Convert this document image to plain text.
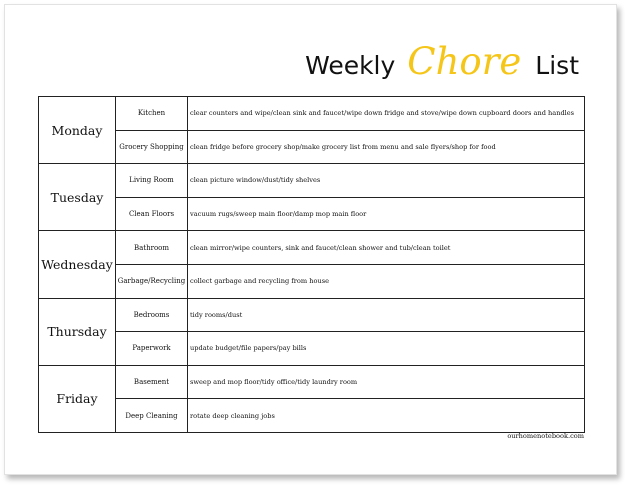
Weekly Chore List
Monday	Kitchen	clear counters and wipe/clean sink and faucet/wipe down fridge and stove/wipe down cupboard doors and handles
	Grocery Shopping	clean fridge before grocery shop/make grocery list from menu and sale flyers/shop for food
Tuesday	Living Room	clean picture window/dust/tidy shelves
	Clean Floors	vacuum rugs/sweep main floor/damp mop main floor
Wednesday	Bathroom	clean mirror/wipe counters, sink and faucet/clean shower and tub/clean toilet
	Garbage/Recycling	collect garbage and recycling from house
Thursday	Bedrooms	tidy rooms/dust
	Paperwork	update budget/file papers/pay bills
Friday	Basement	sweep and mop floor/tidy office/tidy laundry room
	Deep Cleaning	rotate deep cleaning jobs
ourhomenotebook.com
